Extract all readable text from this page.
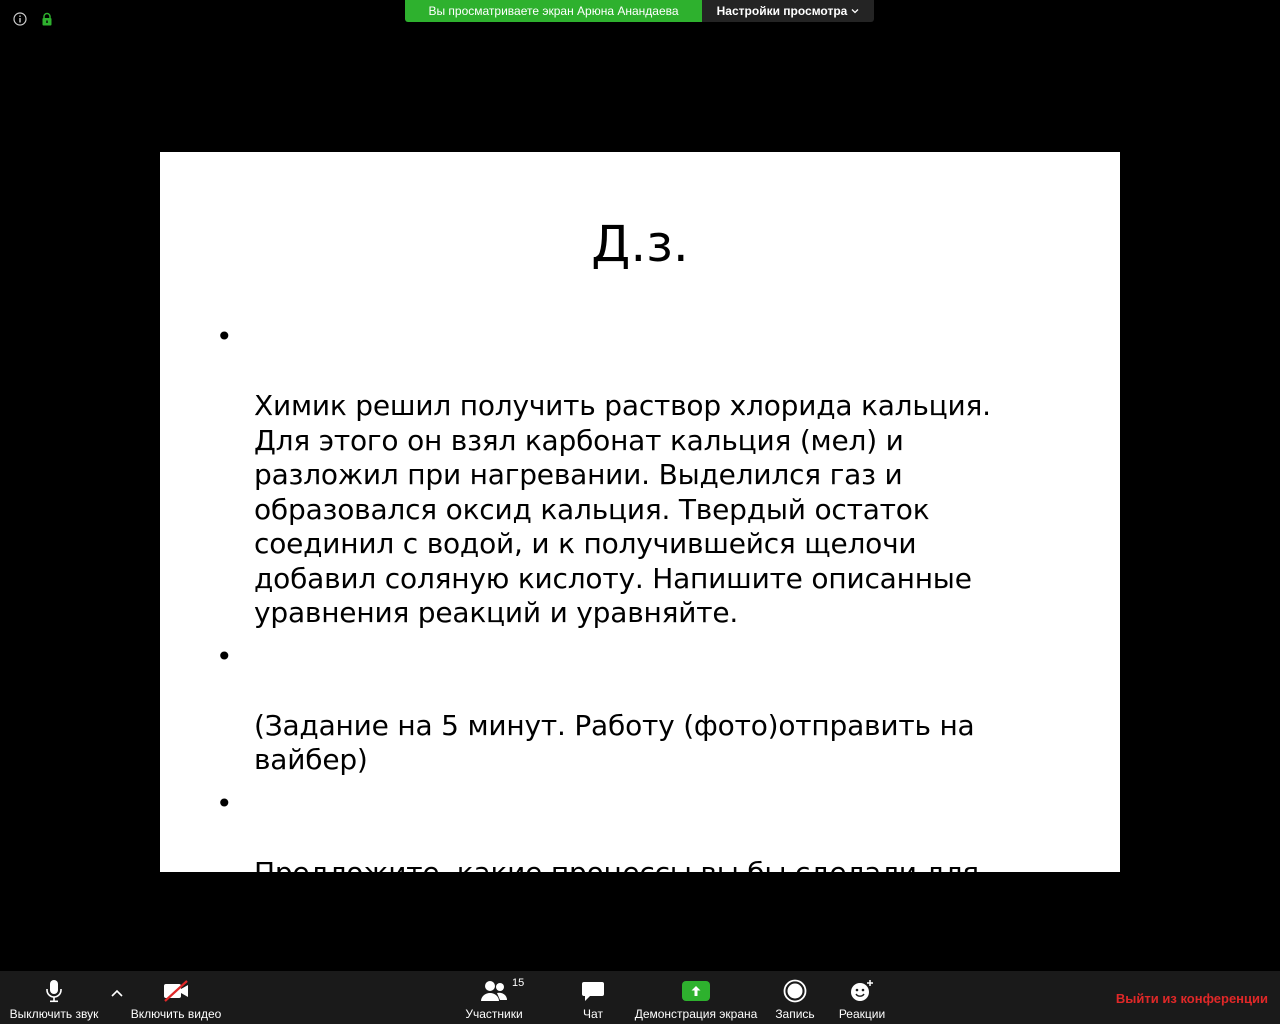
Вы просматриваете экран Арюна Анандаева	Настройки просмотра
Д.з.

•

Химик решил получить раствор хлорида кальция.
Для этого он взял карбонат кальция (мел) и
разложил при нагревании. Выделился газ и
образовался оксид кальция. Твердый остаток
соединил с водой, и к получившейся щелочи
добавил соляную кислоту. Напишите описанные
уравнения реакций и уравняйте.

•

(Задание на 5 минут. Работу (фото)отправить на
вайбер)

•

Предложите, какие процессы вы бы сделали для
получения хлорида кальция, если бы у вас
исходным веществом было кальций?

Выключить звук	Включить видео	Участники
15
Чат	Демонстрация экрана Запись Реакции
Выйти из конференции
